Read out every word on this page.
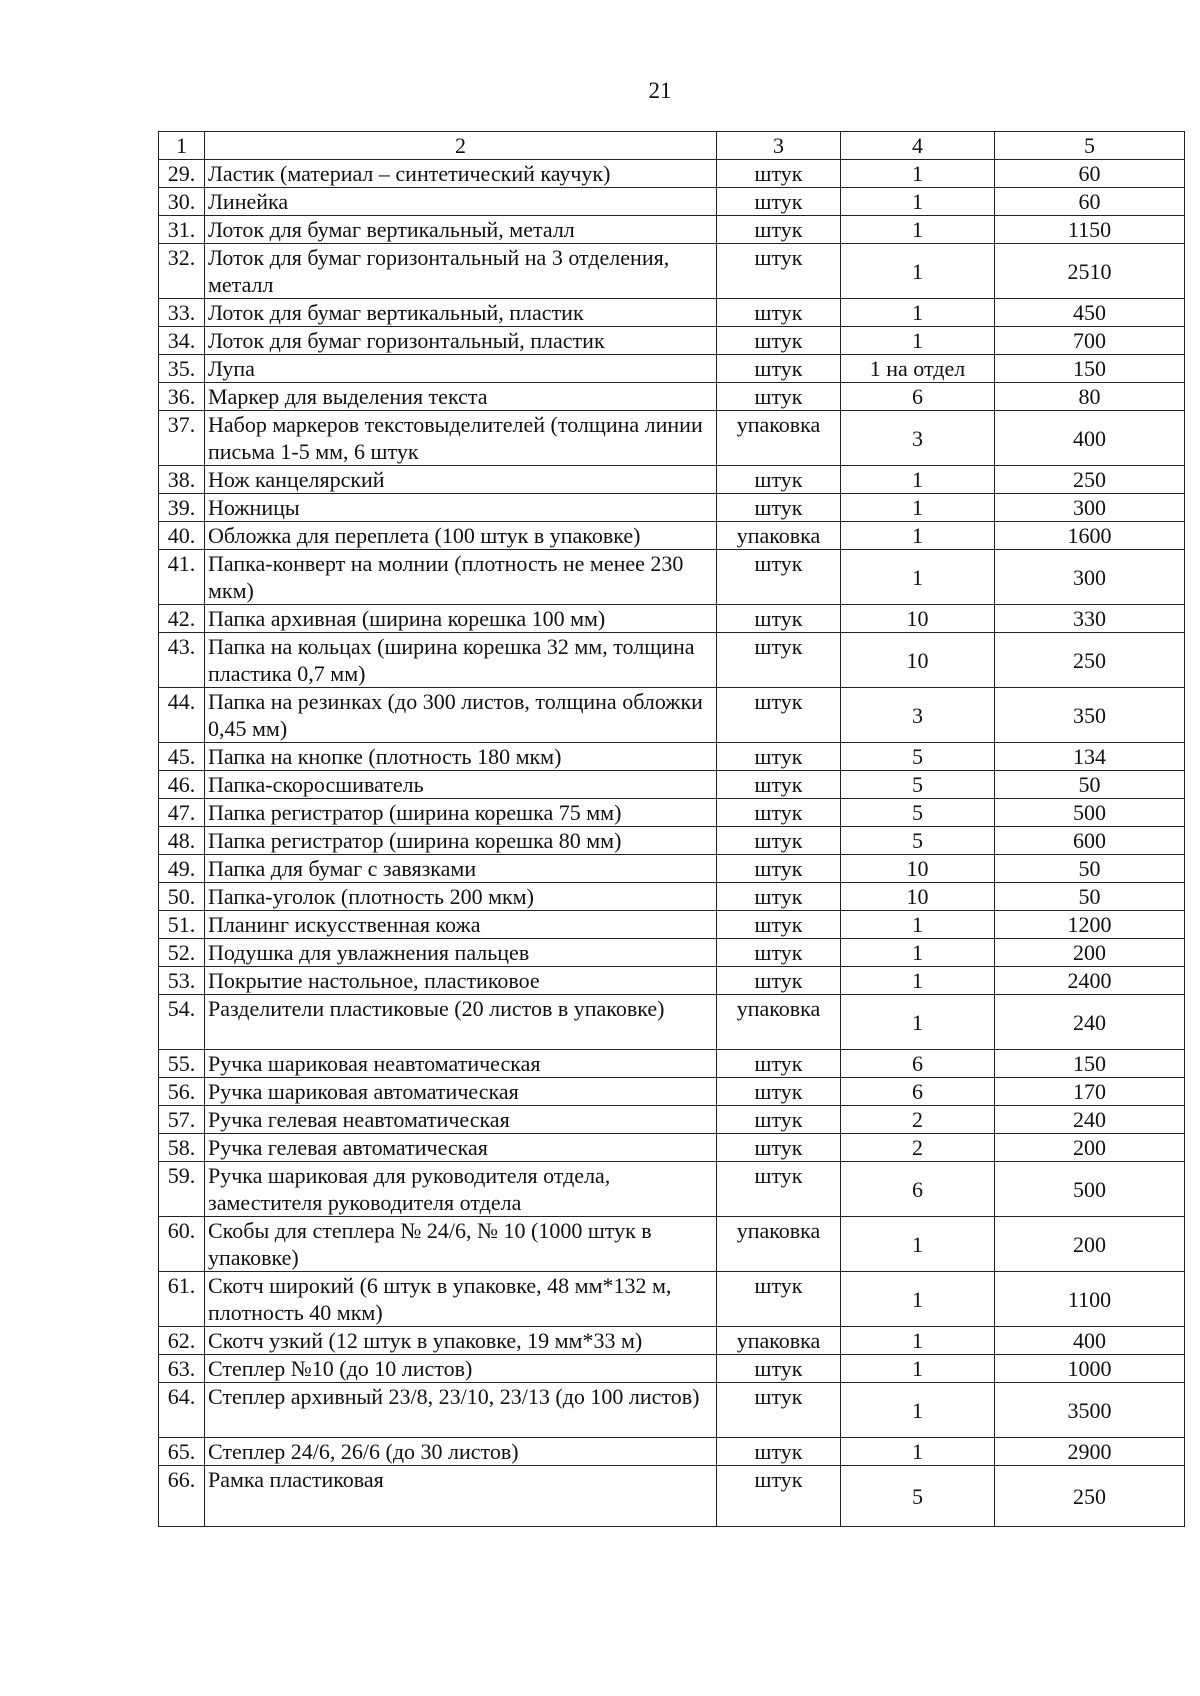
21
1	2	3	4	5
29.	Ластик (материал – синтетический каучук)	штук	1	60
30.	Линейка	штук	1	60
31.	Лоток для бумаг вертикальный, металл	штук	1	1150
32.	Лоток для бумаг горизонтальный на 3 отделения, металл	штук	1	2510
33.	Лоток для бумаг вертикальный, пластик	штук	1	450
34.	Лоток для бумаг горизонтальный, пластик	штук	1	700
35.	Лупа	штук	1 на отдел	150
36.	Маркер для выделения текста	штук	6	80
37.	Набор маркеров текстовыделителей (толщина линии письма 1-5 мм, 6 штук	упаковка	3	400
38.	Нож канцелярский	штук	1	250
39.	Ножницы	штук	1	300
40.	Обложка для переплета (100 штук в упаковке)	упаковка	1	1600
41.	Папка-конверт на молнии (плотность не менее 230 мкм)	штук	1	300
42.	Папка архивная (ширина корешка 100 мм)	штук	10	330
43.	Папка на кольцах (ширина корешка 32 мм, толщина пластика 0,7 мм)	штук	10	250
44.	Папка на резинках (до 300 листов, толщина обложки 0,45 мм)	штук	3	350
45.	Папка на кнопке (плотность 180 мкм)	штук	5	134
46.	Папка-скоросшиватель	штук	5	50
47.	Папка регистратор (ширина корешка 75 мм)	штук	5	500
48.	Папка регистратор (ширина корешка 80 мм)	штук	5	600
49.	Папка для бумаг с завязками	штук	10	50
50.	Папка-уголок (плотность 200 мкм)	штук	10	50
51.	Планинг искусственная кожа	штук	1	1200
52.	Подушка для увлажнения пальцев	штук	1	200
53.	Покрытие настольное, пластиковое	штук	1	2400
54.	Разделители пластиковые (20 листов в упаковке)	упаковка	1	240
55.	Ручка шариковая неавтоматическая	штук	6	150
56.	Ручка шариковая автоматическая	штук	6	170
57.	Ручка гелевая неавтоматическая	штук	2	240
58.	Ручка гелевая автоматическая	штук	2	200
59.	Ручка шариковая для руководителя отдела, заместителя руководителя отдела	штук	6	500
60.	Скобы для степлера № 24/6, № 10 (1000 штук в упаковке)	упаковка	1	200
61.	Скотч широкий (6 штук в упаковке, 48 мм*132 м, плотность 40 мкм)	штук	1	1100
62.	Скотч узкий (12 штук в упаковке, 19 мм*33 м)	упаковка	1	400
63.	Степлер №10 (до 10 листов)	штук	1	1000
64.	Степлер архивный 23/8, 23/10, 23/13 (до 100 листов)	штук	1	3500
65.	Степлер 24/6, 26/6 (до 30 листов)	штук	1	2900
66.	Рамка пластиковая	штук	5	250
